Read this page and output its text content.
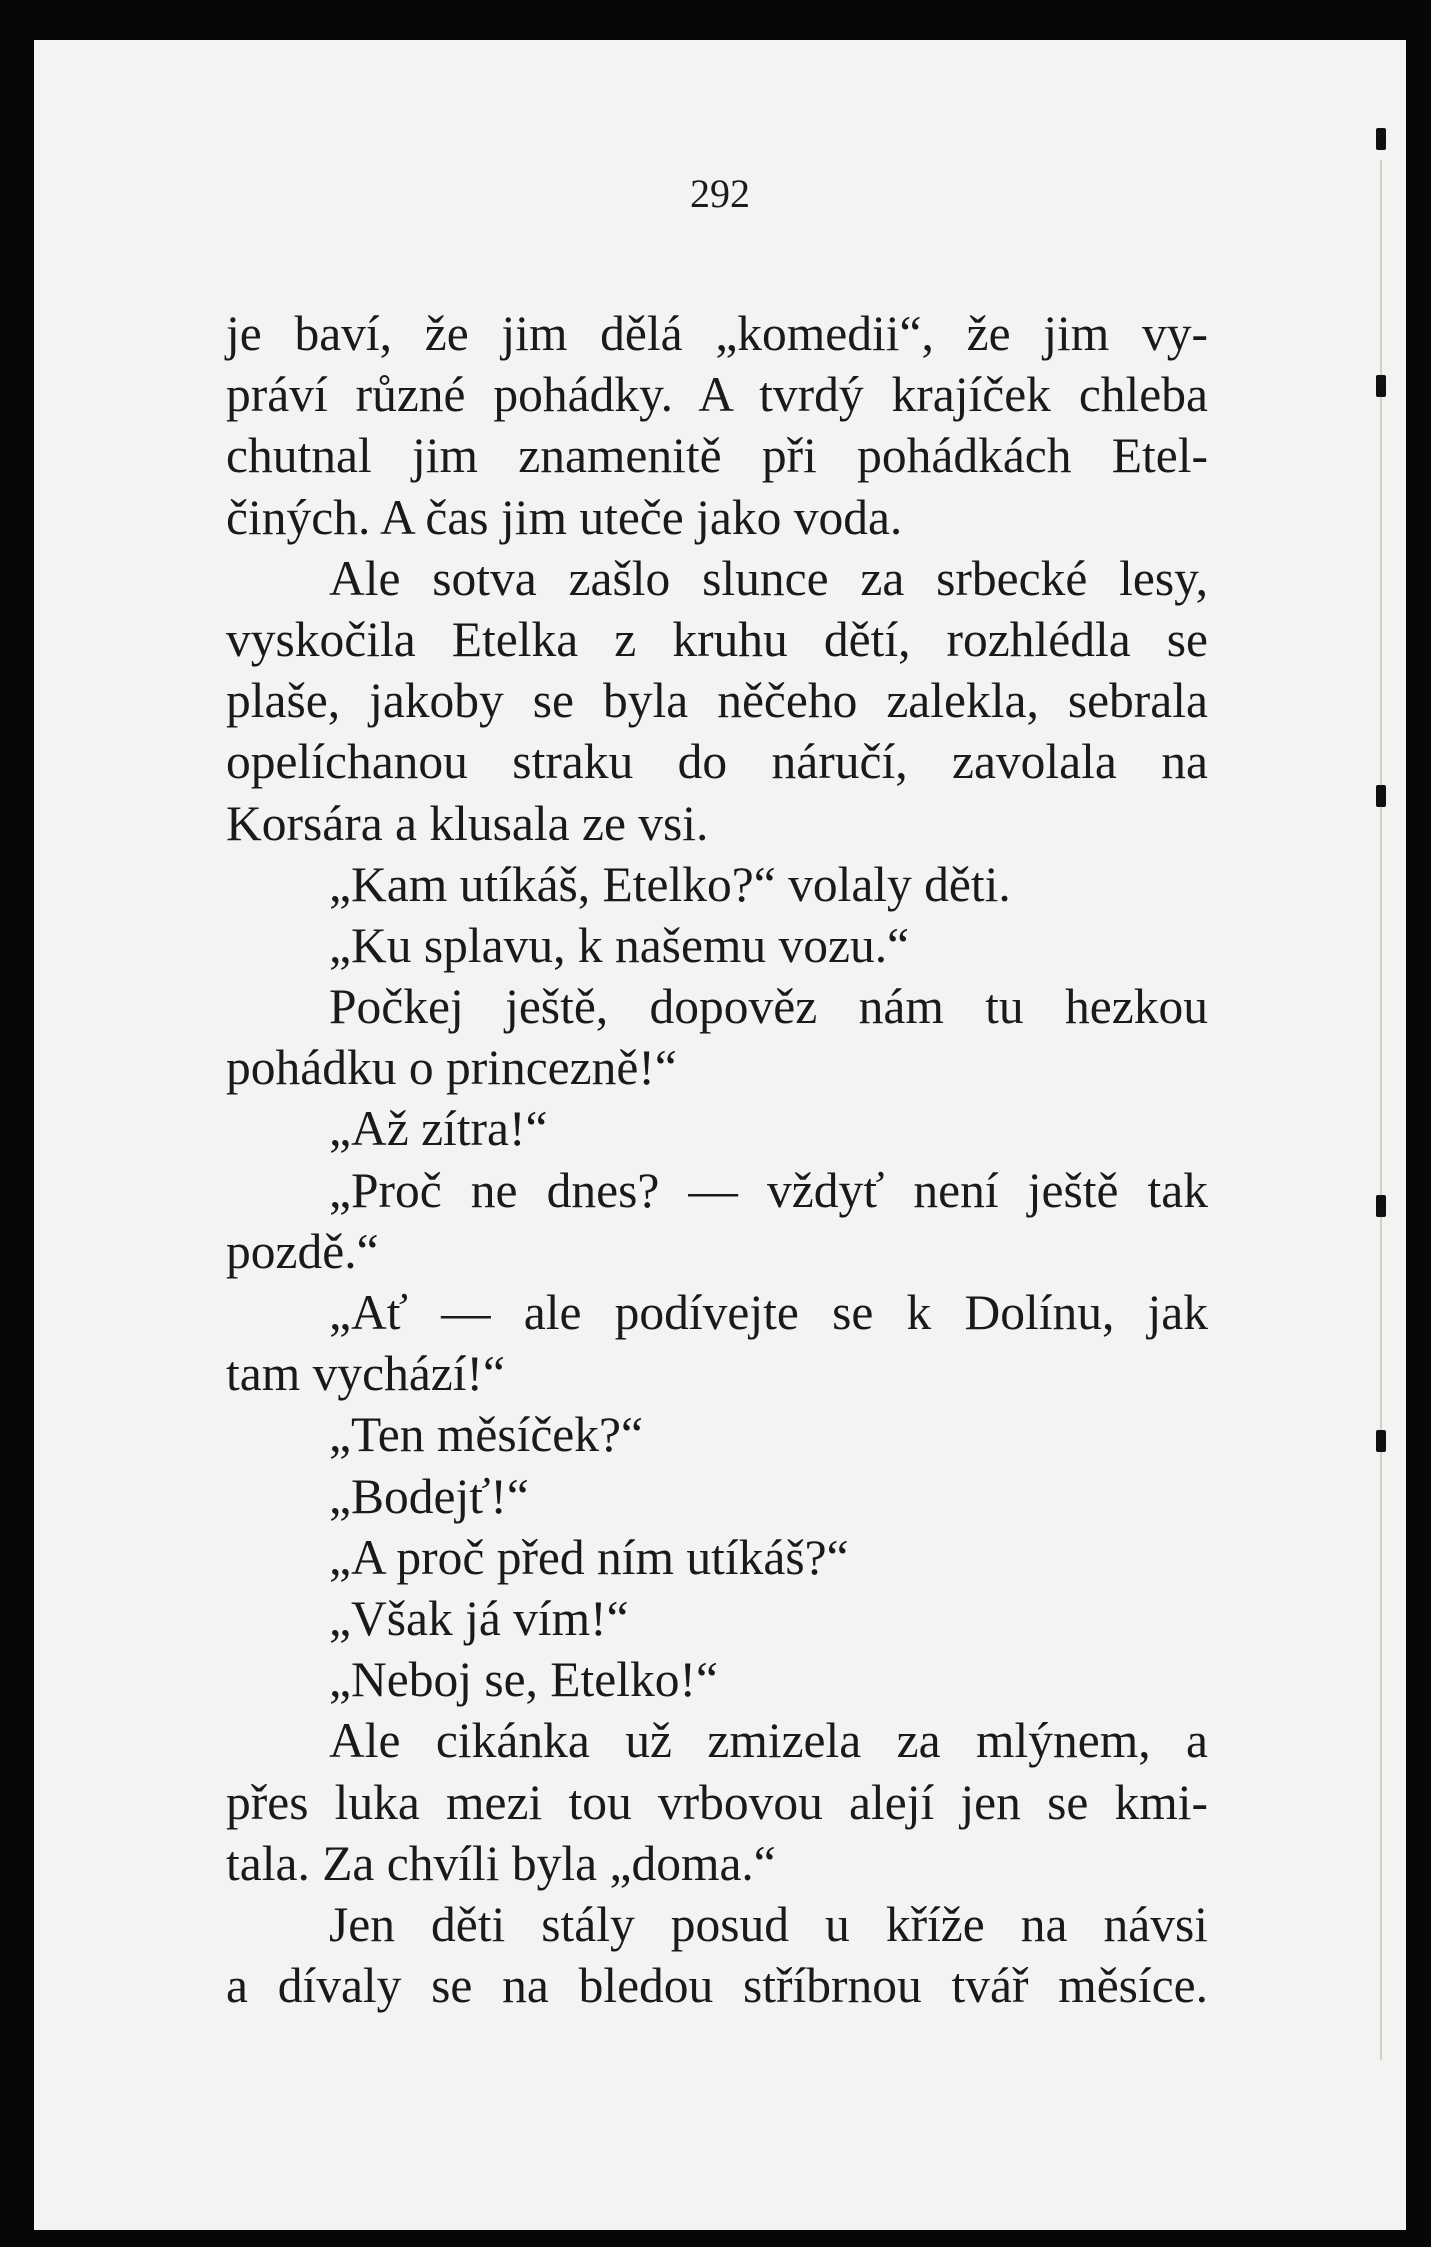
292
je baví, že jim dělá „komedii“, že jim vy-
práví různé pohádky. A tvrdý krajíček chleba
chutnal jim znamenitě při pohádkách Etel-
činých. A čas jim uteče jako voda.
Ale sotva zašlo slunce za srbecké lesy,
vyskočila Etelka z kruhu dětí, rozhlédla se
plaše, jakoby se byla něčeho zalekla, sebrala
opelíchanou straku do náručí, zavolala na
Korsára a klusala ze vsi.
„Kam utíkáš, Etelko?“ volaly děti.
„Ku splavu, k našemu vozu.“
Počkej ještě, dopověz nám tu hezkou
pohádku o princezně!“
„Až zítra!“
„Proč ne dnes? — vždyť není ještě tak
pozdě.“
„Ať — ale podívejte se k Dolínu, jak
tam vychází!“
„Ten měsíček?“
„Bodejť!“
„A proč před ním utíkáš?“
„Však já vím!“
„Neboj se, Etelko!“
Ale cikánka už zmizela za mlýnem, a
přes luka mezi tou vrbovou alejí jen se kmi-
tala. Za chvíli byla „doma.“
Jen děti stály posud u kříže na návsi
a dívaly se na bledou stříbrnou tvář měsíce.
